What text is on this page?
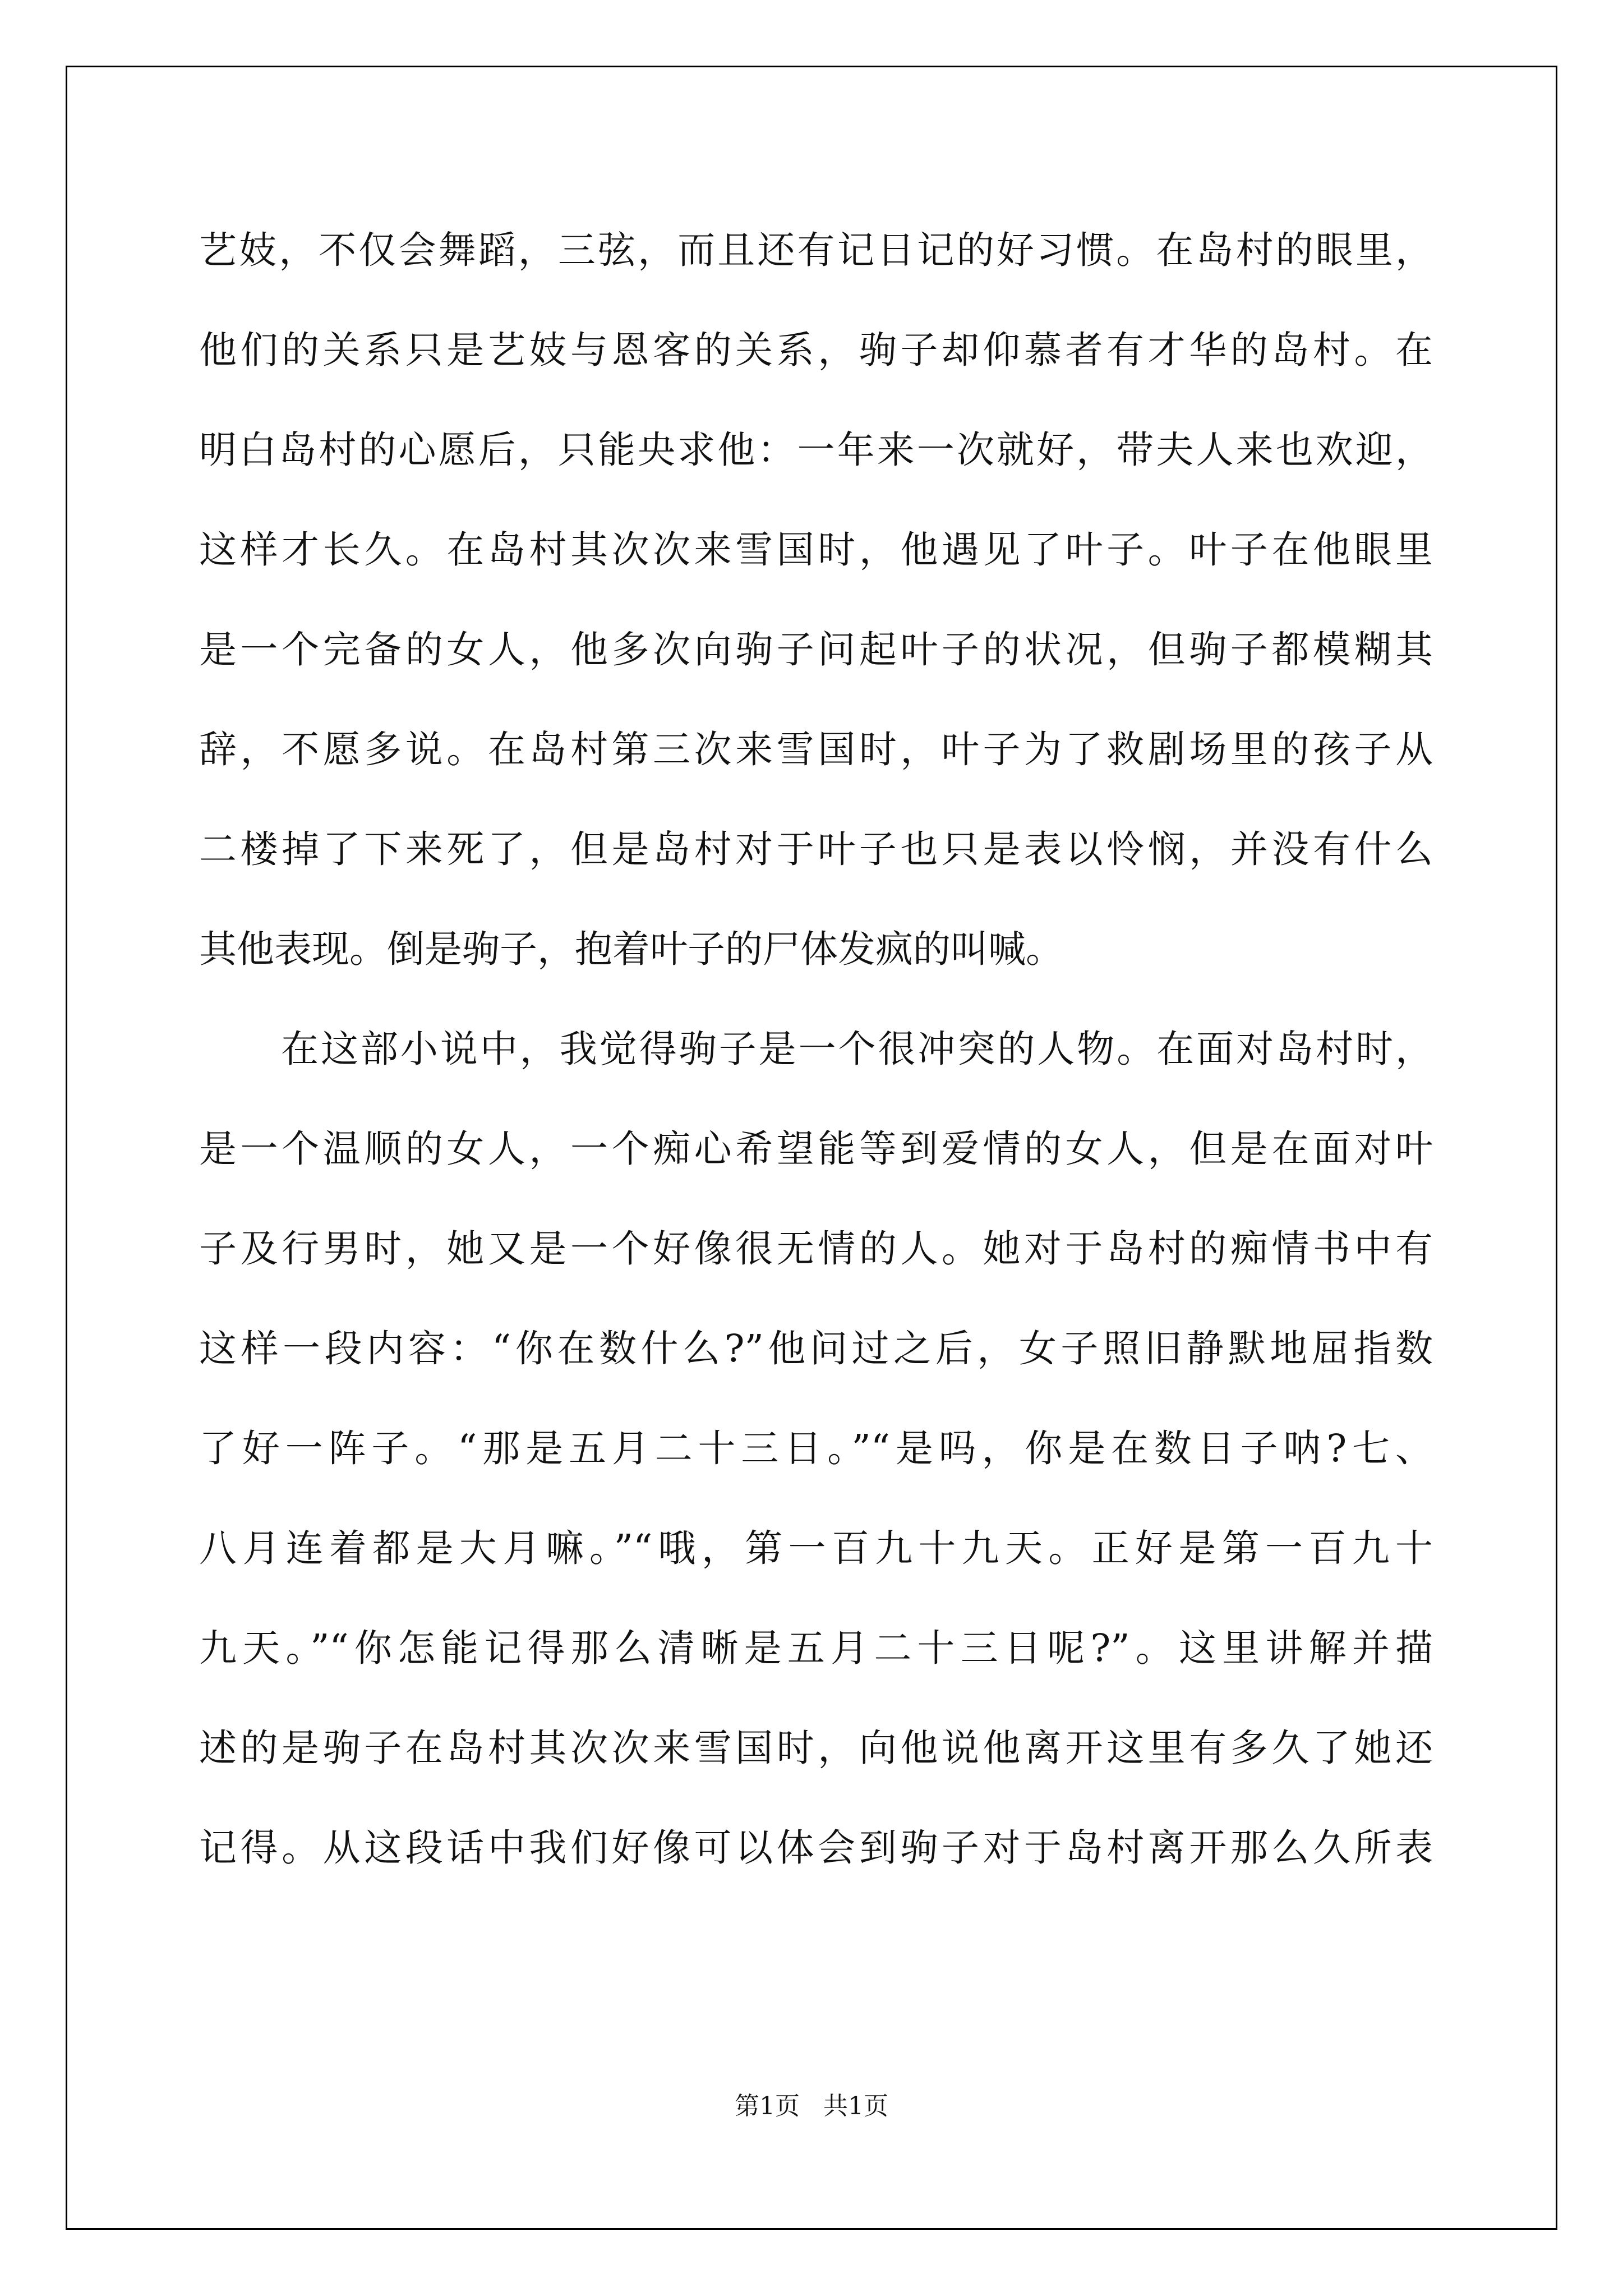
艺妓，不仅会舞蹈，三弦，而且还有记日记的好习惯。在岛村的眼里，
他们的关系只是艺妓与恩客的关系，驹子却仰慕者有才华的岛村。在
明白岛村的心愿后，只能央求他：一年来一次就好，带夫人来也欢迎，
这样才长久。在岛村其次次来雪国时，他遇见了叶子。叶子在他眼里
是一个完备的女人，他多次向驹子问起叶子的状况，但驹子都模糊其
辞，不愿多说。在岛村第三次来雪国时，叶子为了救剧场里的孩子从
二楼掉了下来死了，但是岛村对于叶子也只是表以怜悯，并没有什么
其他表现。倒是驹子，抱着叶子的尸体发疯的叫喊。
在这部小说中，我觉得驹子是一个很冲突的人物。在面对岛村时，
是一个温顺的女人，一个痴心希望能等到爱情的女人，但是在面对叶
子及行男时，她又是一个好像很无情的人。她对于岛村的痴情书中有
这样一段内容：“你在数什么?”他问过之后，女子照旧静默地屈指数
了好一阵子。“那是五月二十三日。”“是吗，你是在数日子呐?七、
八月连着都是大月嘛。”“哦，第一百九十九天。正好是第一百九十
九天。”“你怎能记得那么清晰是五月二十三日呢?”。这里讲解并描
述的是驹子在岛村其次次来雪国时，向他说他离开这里有多久了她还
记得。从这段话中我们好像可以体会到驹子对于岛村离开那么久所表
第1页   共1页
